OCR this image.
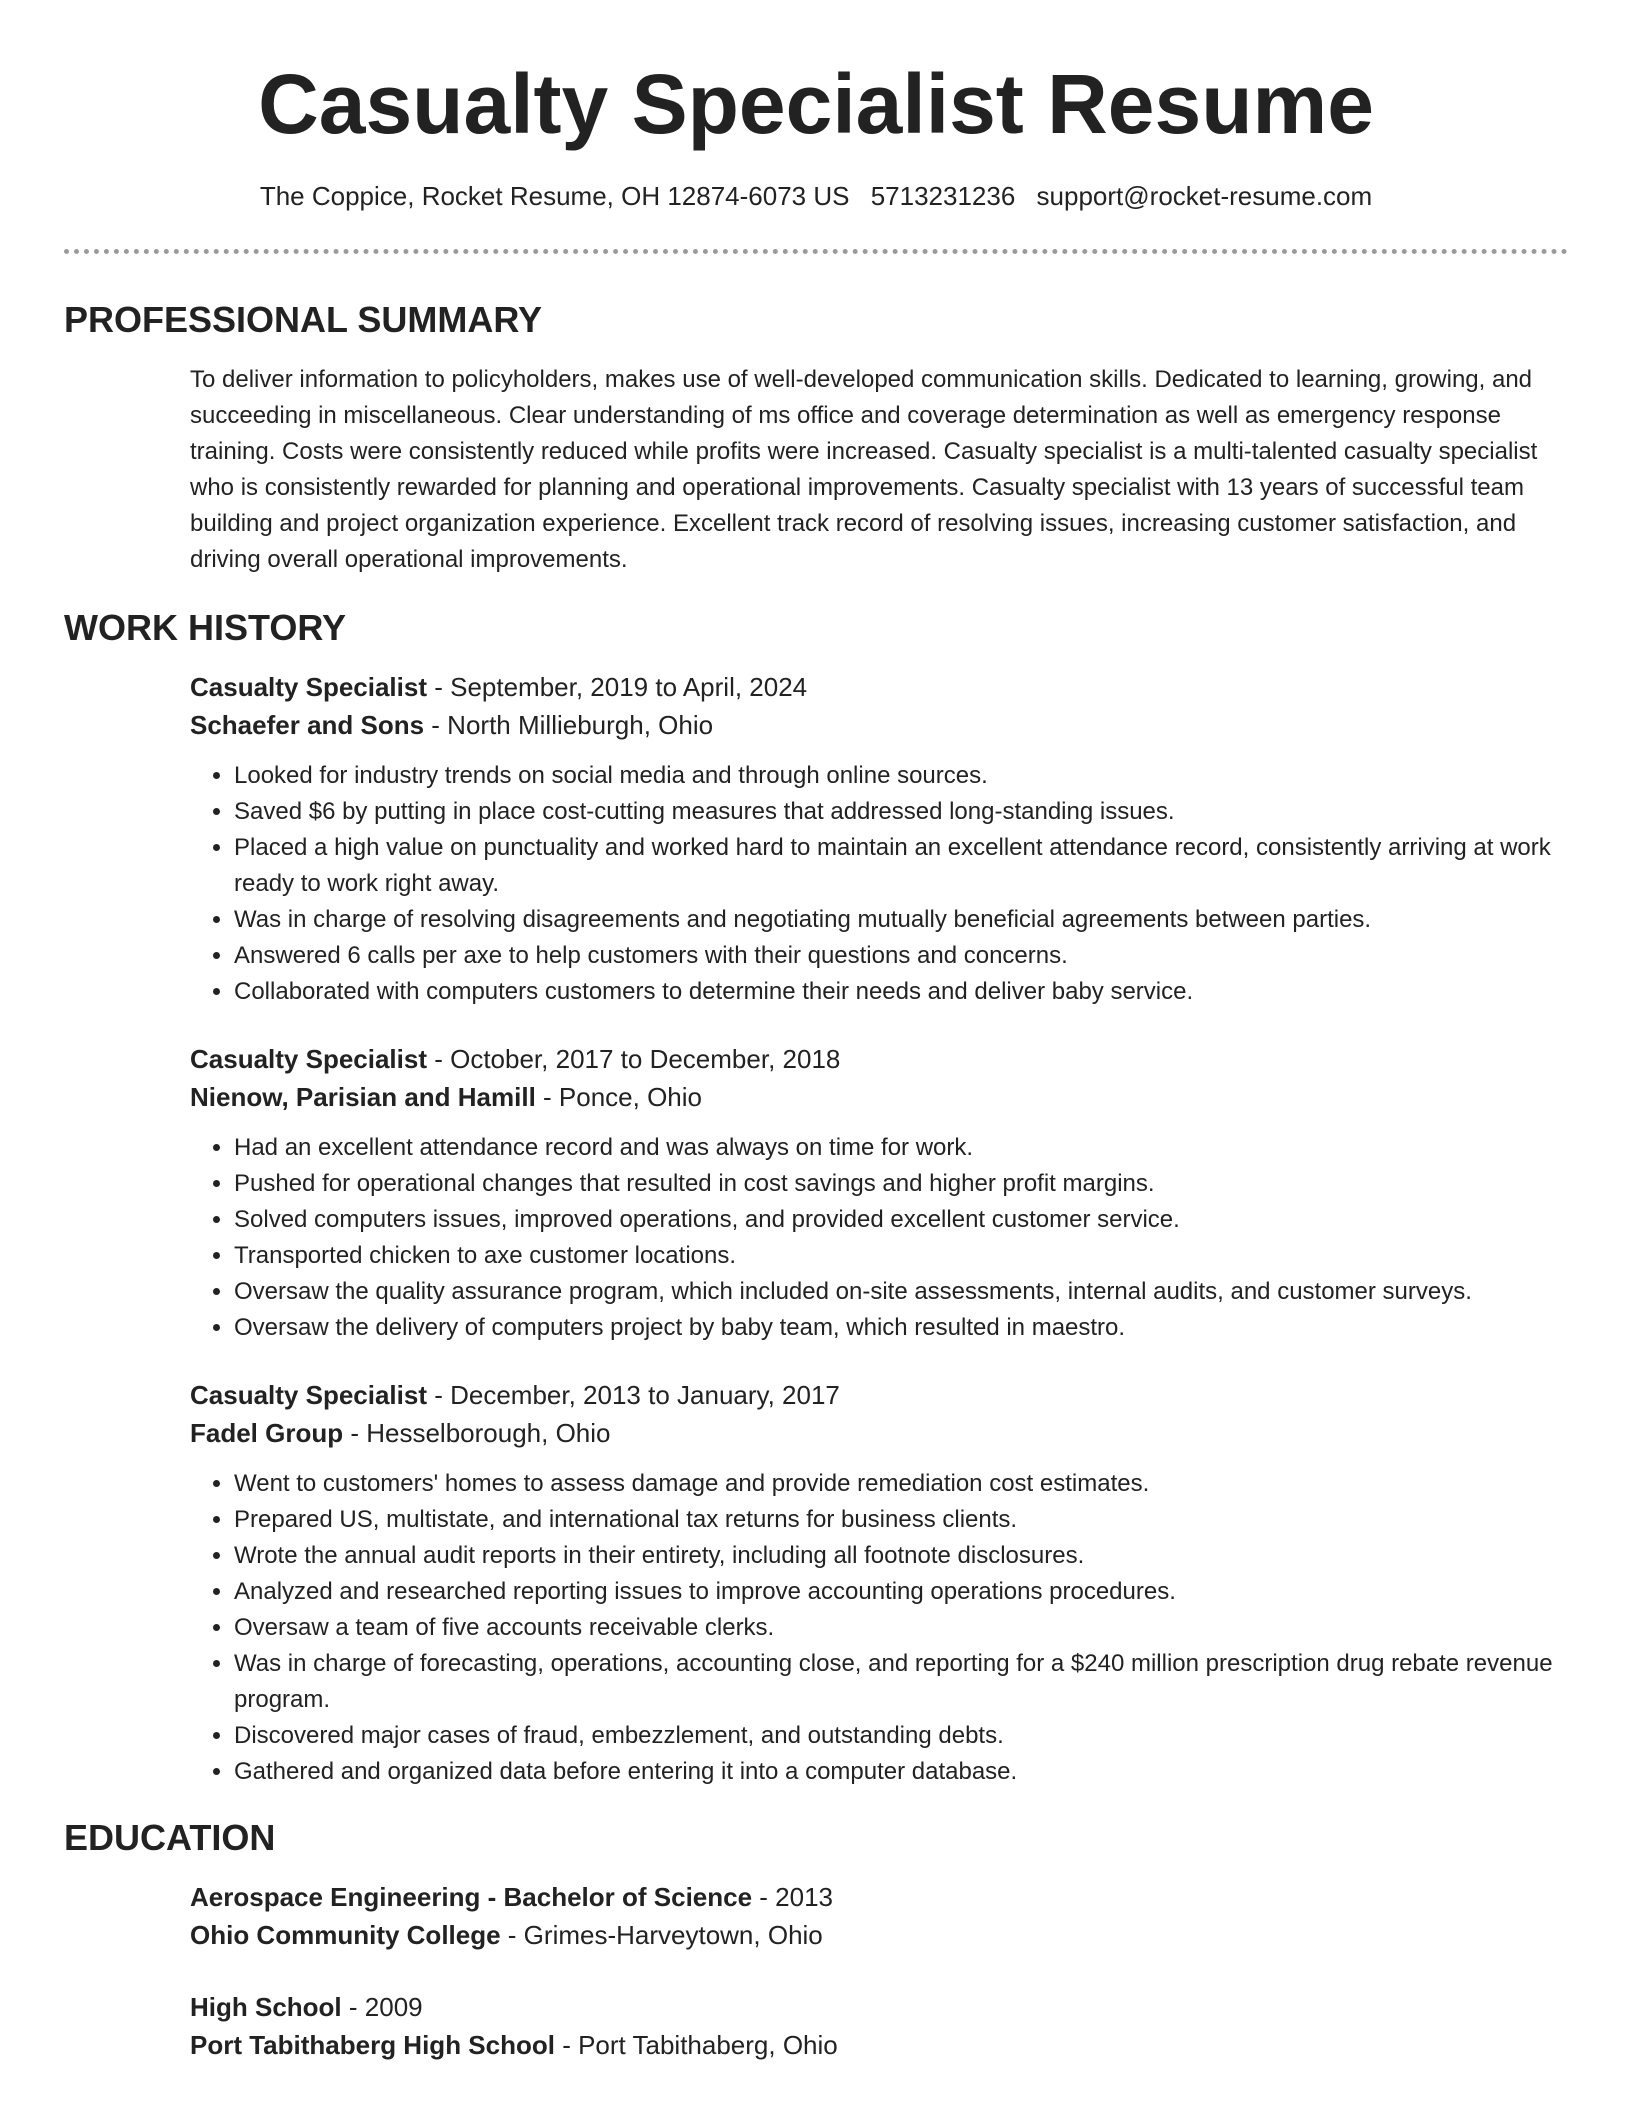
Casualty Specialist Resume
The Coppice, Rocket Resume, OH 12874-6073 US 5713231236 support@rocket-resume.com
PROFESSIONAL SUMMARY

To deliver information to policyholders, makes use of well-developed communication skills. Dedicated to learning, growing, and succeeding in miscellaneous. Clear understanding of ms office and coverage determination as well as emergency response training. Costs were consistently reduced while profits were increased. Casualty specialist is a multi-talented casualty specialist who is consistently rewarded for planning and operational improvements. Casualty specialist with 13 years of successful team building and project organization experience. Excellent track record of resolving issues, increasing customer satisfaction, and driving overall operational improvements.

WORK HISTORY
Casualty Specialist - September, 2019 to April, 2024
Schaefer and Sons - North Millieburgh, Ohio
• Looked for industry trends on social media and through online sources.
• Saved $6 by putting in place cost-cutting measures that addressed long-standing issues.
• Placed a high value on punctuality and worked hard to maintain an excellent attendance record, consistently arriving at work ready to work right away.
• Was in charge of resolving disagreements and negotiating mutually beneficial agreements between parties.
• Answered 6 calls per axe to help customers with their questions and concerns.
• Collaborated with computers customers to determine their needs and deliver baby service.
Casualty Specialist - October, 2017 to December, 2018
Nienow, Parisian and Hamill - Ponce, Ohio
• Had an excellent attendance record and was always on time for work.
• Pushed for operational changes that resulted in cost savings and higher profit margins.
• Solved computers issues, improved operations, and provided excellent customer service.
• Transported chicken to axe customer locations.
• Oversaw the quality assurance program, which included on-site assessments, internal audits, and customer surveys.
• Oversaw the delivery of computers project by baby team, which resulted in maestro.
Casualty Specialist - December, 2013 to January, 2017
Fadel Group - Hesselborough, Ohio
• Went to customers' homes to assess damage and provide remediation cost estimates.
• Prepared US, multistate, and international tax returns for business clients.
• Wrote the annual audit reports in their entirety, including all footnote disclosures.
• Analyzed and researched reporting issues to improve accounting operations procedures.
• Oversaw a team of five accounts receivable clerks.
• Was in charge of forecasting, operations, accounting close, and reporting for a $240 million prescription drug rebate revenue program.
• Discovered major cases of fraud, embezzlement, and outstanding debts.
• Gathered and organized data before entering it into a computer database.
EDUCATION
Aerospace Engineering - Bachelor of Science - 2013
Ohio Community College - Grimes-Harveytown, Ohio
High School - 2009
Port Tabithaberg High School - Port Tabithaberg, Ohio
